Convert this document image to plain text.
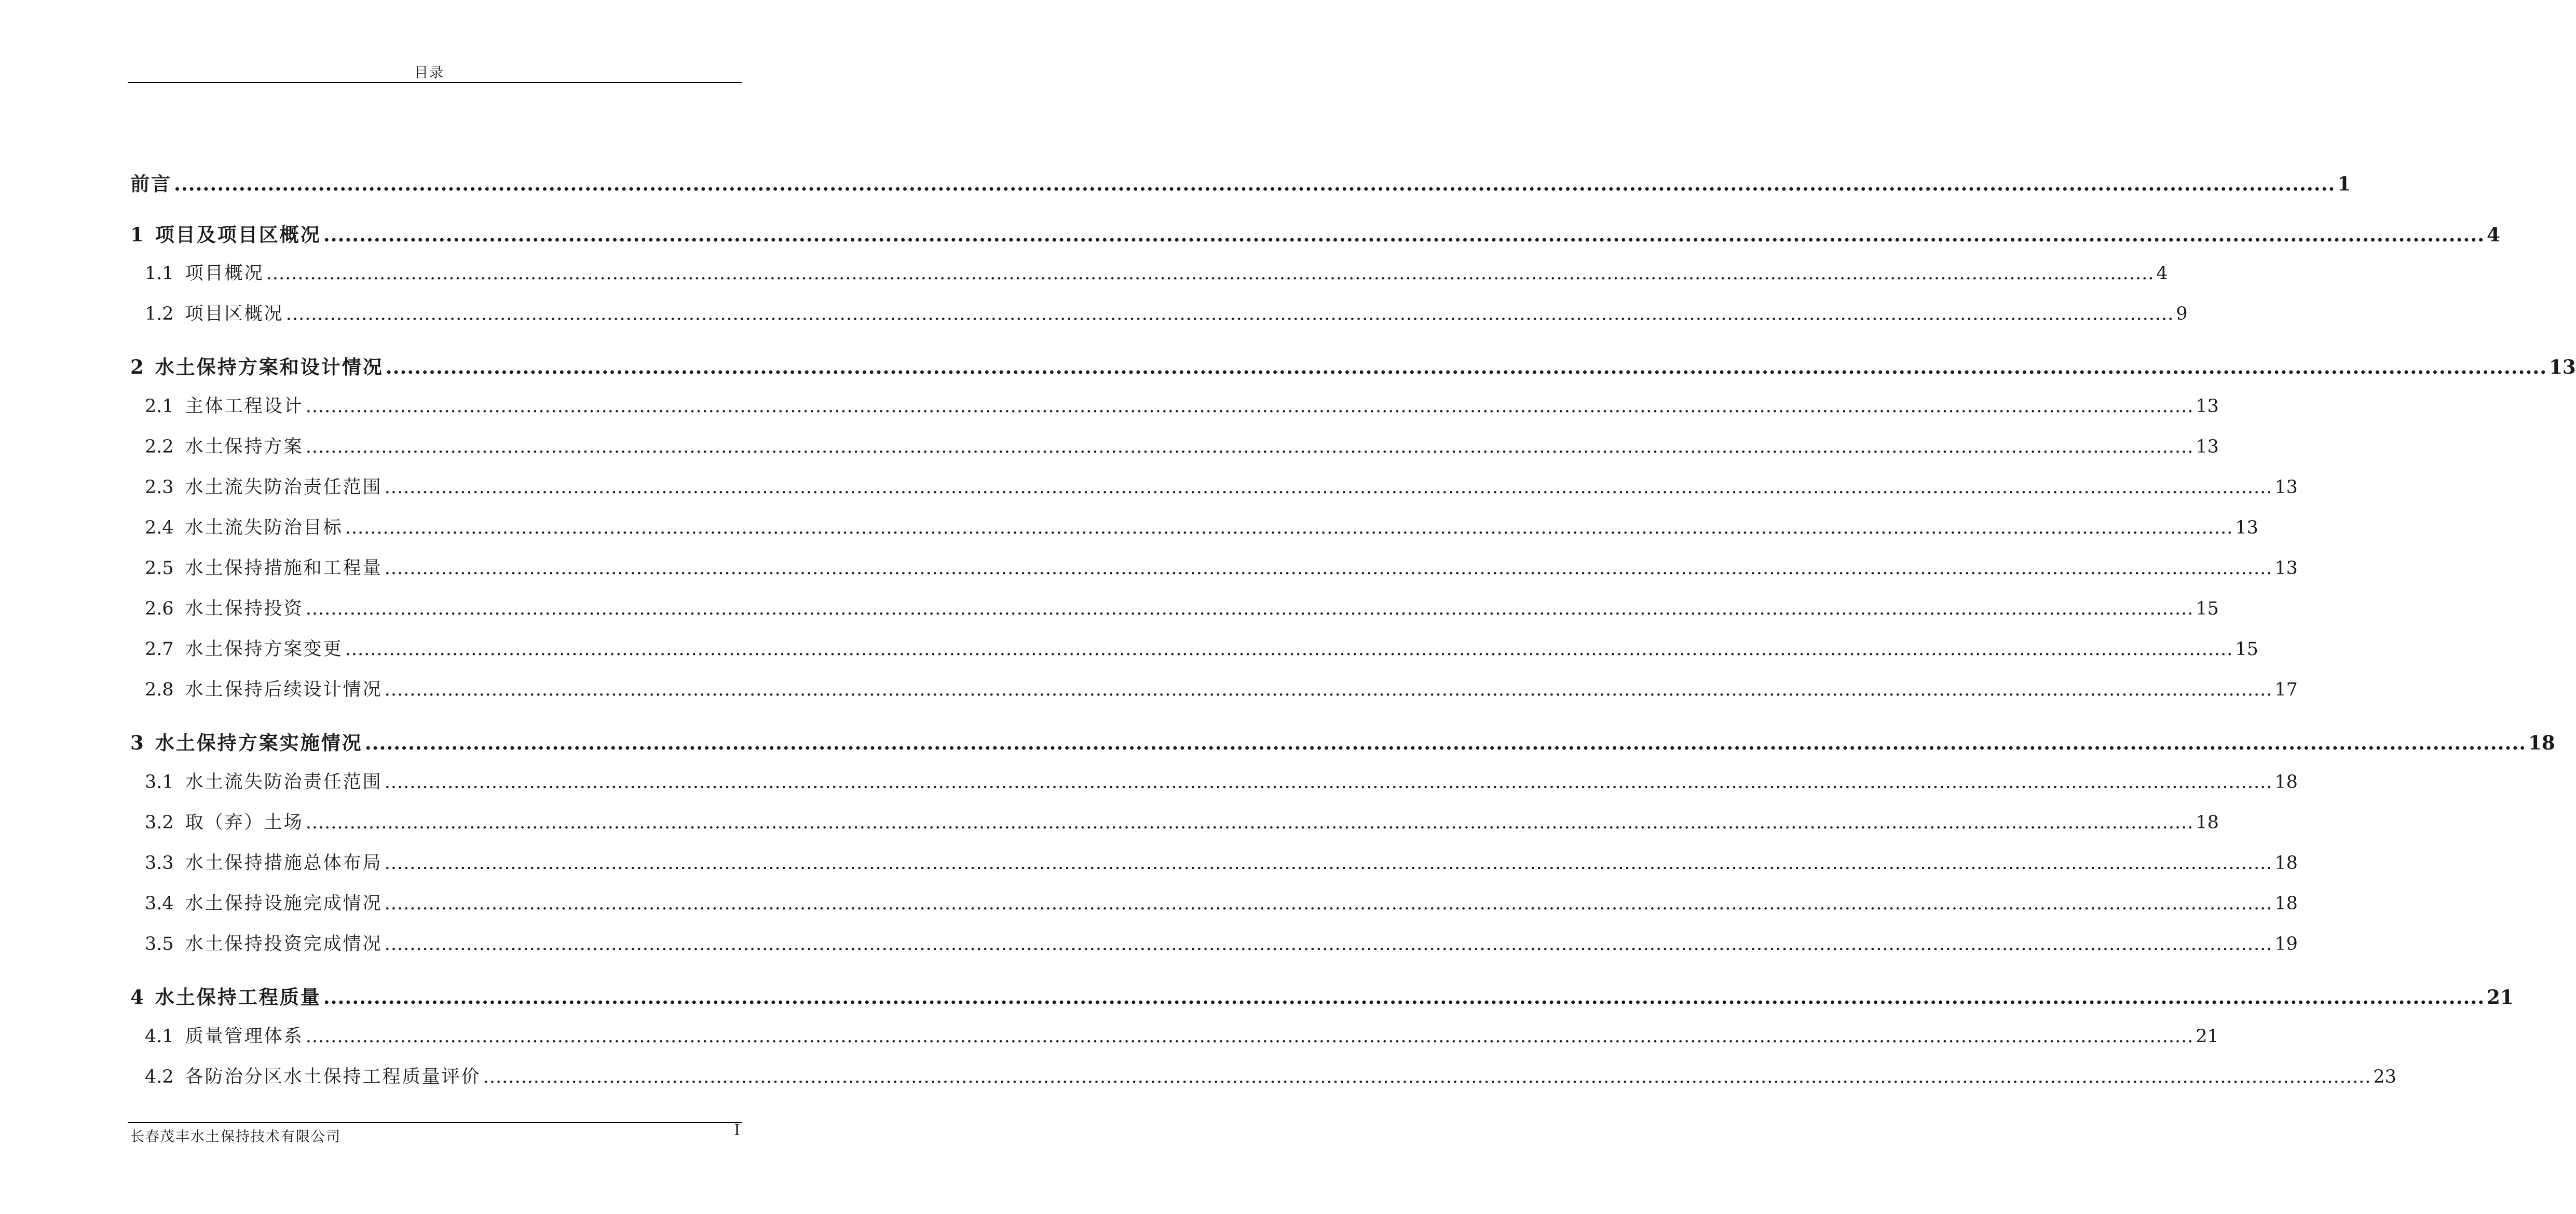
目录
前言 ............................................................................................................................................................................................................................................................................................................ 1
1 项目及项目区概况 ............................................................................................................................................................................................................................................................................................................ 4
1.1 项目概况 ............................................................................................................................................................................................................................................................................................................ 4
1.2 项目区概况 ............................................................................................................................................................................................................................................................................................................ 9
2 水土保持方案和设计情况 ............................................................................................................................................................................................................................................................................................................ 13
2.1 主体工程设计 ............................................................................................................................................................................................................................................................................................................ 13
2.2 水土保持方案 ............................................................................................................................................................................................................................................................................................................ 13
2.3 水土流失防治责任范围 ............................................................................................................................................................................................................................................................................................................ 13
2.4 水土流失防治目标 ............................................................................................................................................................................................................................................................................................................ 13
2.5 水土保持措施和工程量 ............................................................................................................................................................................................................................................................................................................ 13
2.6 水土保持投资 ............................................................................................................................................................................................................................................................................................................ 15
2.7 水土保持方案变更 ............................................................................................................................................................................................................................................................................................................ 15
2.8 水土保持后续设计情况 ............................................................................................................................................................................................................................................................................................................ 17
3 水土保持方案实施情况 ............................................................................................................................................................................................................................................................................................................ 18
3.1 水土流失防治责任范围 ............................................................................................................................................................................................................................................................................................................ 18
3.2 取（弃）土场 ............................................................................................................................................................................................................................................................................................................ 18
3.3 水土保持措施总体布局 ............................................................................................................................................................................................................................................................................................................ 18
3.4 水土保持设施完成情况 ............................................................................................................................................................................................................................................................................................................ 18
3.5 水土保持投资完成情况 ............................................................................................................................................................................................................................................................................................................ 19
4 水土保持工程质量 ............................................................................................................................................................................................................................................................................................................ 21
4.1 质量管理体系 ............................................................................................................................................................................................................................................................................................................ 21
4.2 各防治分区水土保持工程质量评价 ............................................................................................................................................................................................................................................................................................................ 23
长春茂丰水土保持技术有限公司	I
